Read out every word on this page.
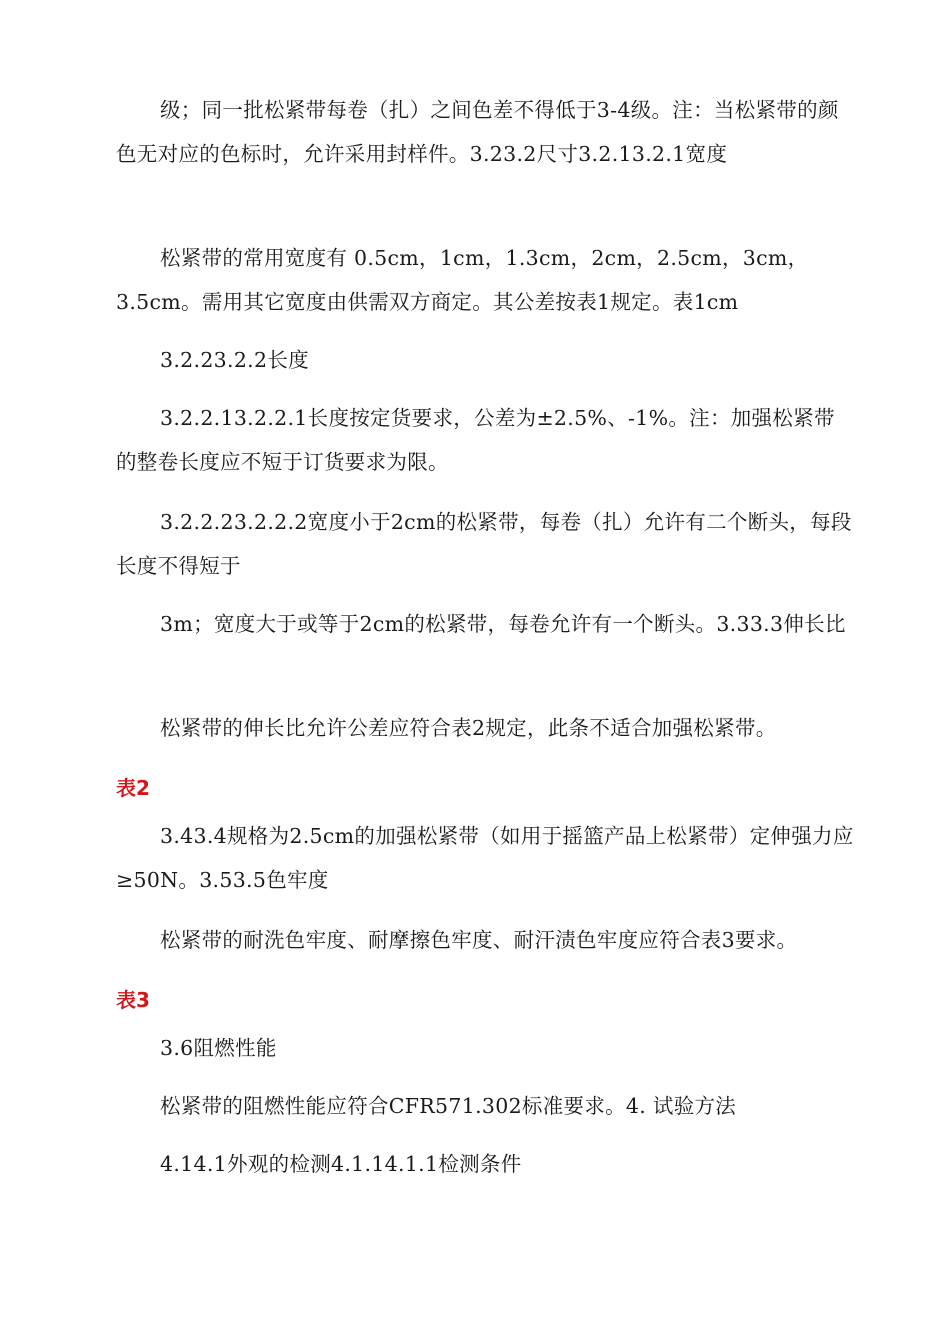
级；同一批松紧带每卷（扎）之间色差不得低于3-4级。注：当松紧带的颜色无对应的色标时，允许采用封样件。3.23.2尺寸3.2.13.2.1宽度

松紧带的常用宽度有 0.5cm，1cm，1.3cm，2cm，2.5cm，3cm，3.5cm。需用其它宽度由供需双方商定。其公差按表1规定。表1cm

3.2.23.2.2长度

3.2.2.13.2.2.1长度按定货要求，公差为±2.5%、-1%。注：加强松紧带的整卷长度应不短于订货要求为限。

3.2.2.23.2.2.2宽度小于2cm的松紧带，每卷（扎）允许有二个断头，每段长度不得短于

3m；宽度大于或等于2cm的松紧带，每卷允许有一个断头。3.33.3伸长比

松紧带的伸长比允许公差应符合表2规定，此条不适合加强松紧带。

表2

3.43.4规格为2.5cm的加强松紧带（如用于摇篮产品上松紧带）定伸强力应≥50N。3.53.5色牢度

松紧带的耐洗色牢度、耐摩擦色牢度、耐汗渍色牢度应符合表3要求。

表3

3.6阻燃性能

松紧带的阻燃性能应符合CFR571.302标准要求。4. 试验方法

4.14.1外观的检测4.1.14.1.1检测条件
